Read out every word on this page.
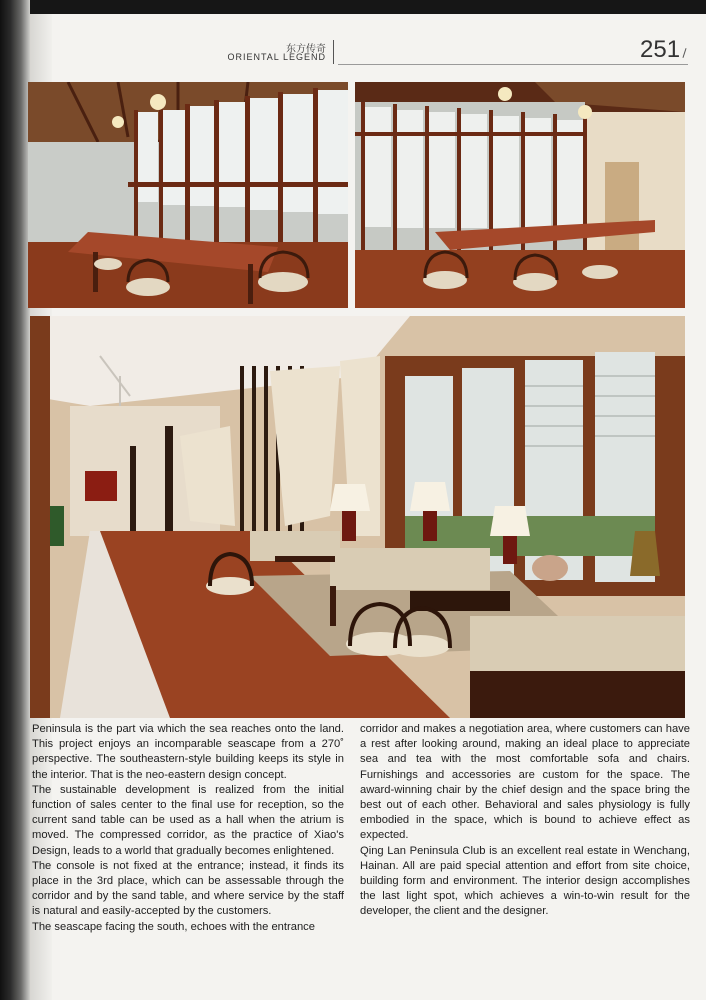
东方传奇
ORIENTAL LEGEND	251

Peninsula is the part via which the sea reaches onto the land. This project enjoys an incomparable seascape from a 270˚ perspective. The southeastern-style building keeps its style in the interior. That is the neo-eastern design concept.

The sustainable development is realized from the initial function of sales center to the final use for reception, so the current sand table can be used as a hall when the atrium is moved. The compressed corridor, as the practice of Xiao's Design, leads to a world that gradually becomes enlightened.

The console is not fixed at the entrance; instead, it finds its place in the 3rd place, which can be assessable through the corridor and by the sand table, and where service by the staff is natural and easily-accepted by the customers.

The seascape facing the south, echoes with the entrance

corridor and makes a negotiation area, where customers can have a rest after looking around, making an ideal place to appreciate sea and tea with the most comfortable sofa and chairs. Furnishings and accessories are custom for the space. The award-winning chair by the chief design and the space bring the best out of each other. Behavioral and sales physiology is fully embodied in the space, which is bound to achieve effect as expected.

Qing Lan Peninsula Club is an excellent real estate in Wenchang, Hainan. All are paid special attention and effort from site choice, building form and environment. The interior design accomplishes the last light spot, which achieves a win-to-win result for the developer, the client and the designer.
